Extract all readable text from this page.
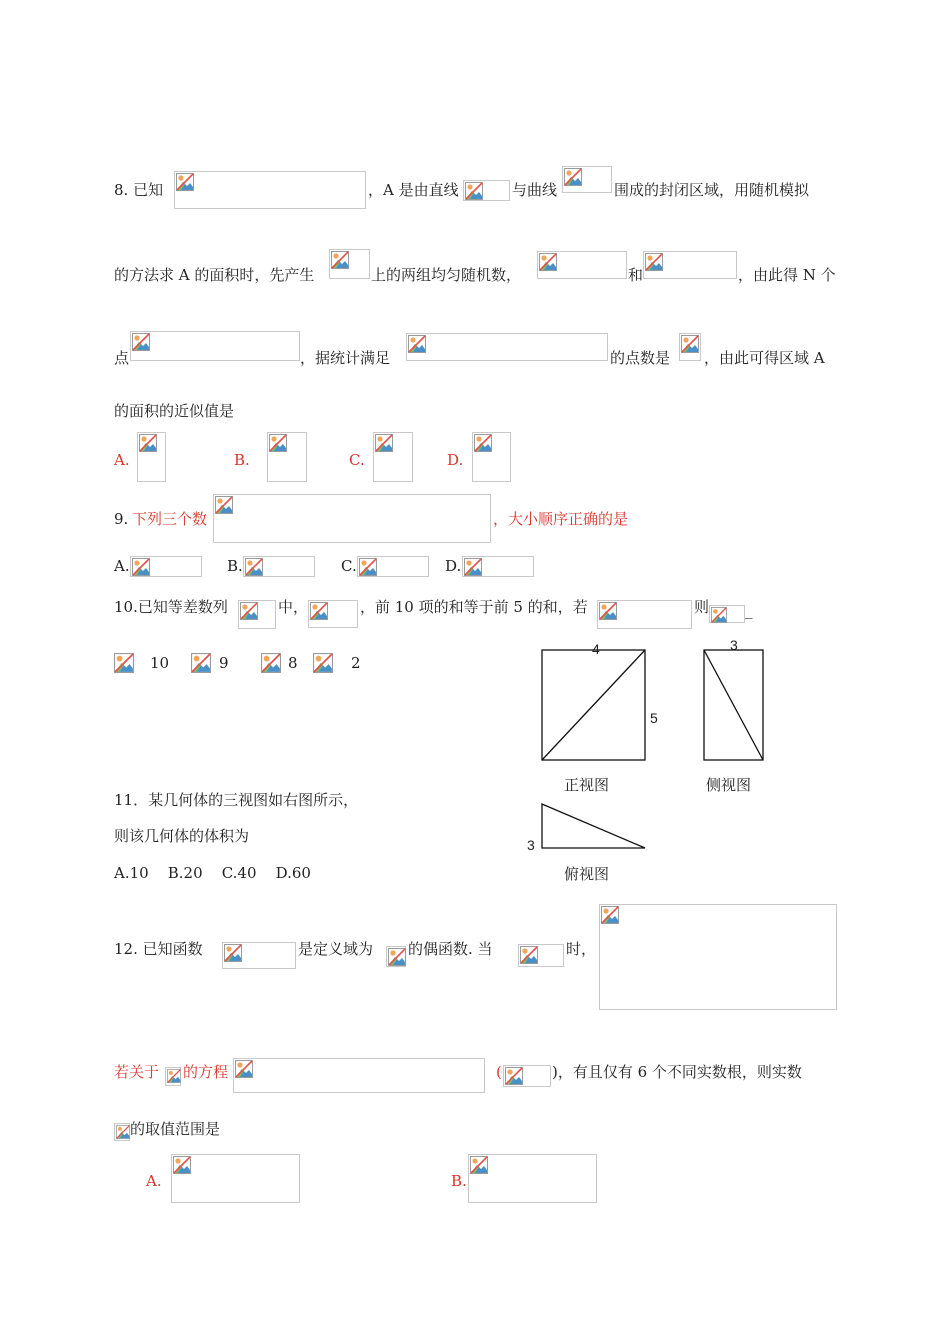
8. 已知	，A 是由直线	与曲线	围成的封闭区域，用随机模拟
的方法求 A 的面积时，先产生	上的两组均匀随机数，	和	，由此得 N 个
点	，据统计满足	的点数是 ，由此可得区域 A
的面积的近似值是
A.	B.	C.	D.
9. 下列三个数	，大小顺序正确的是
A.	B.	C.	D.
10.已知等差数列	中，	，前 10 项的和等于前 5 的和，若	则 _
10	9	8	2
4
5
3
3
正视图	侧视图
俯视图
11．某几何体的三视图如右图所示，
则该几何体的体积为
A.10    B.20    C.40    D.60
12. 已知函数	是定义域为 的偶函数. 当	时，
若关于 的方程	(	)，有且仅有 6 个不同实数根，则实数
的取值范围是
A.	B.
